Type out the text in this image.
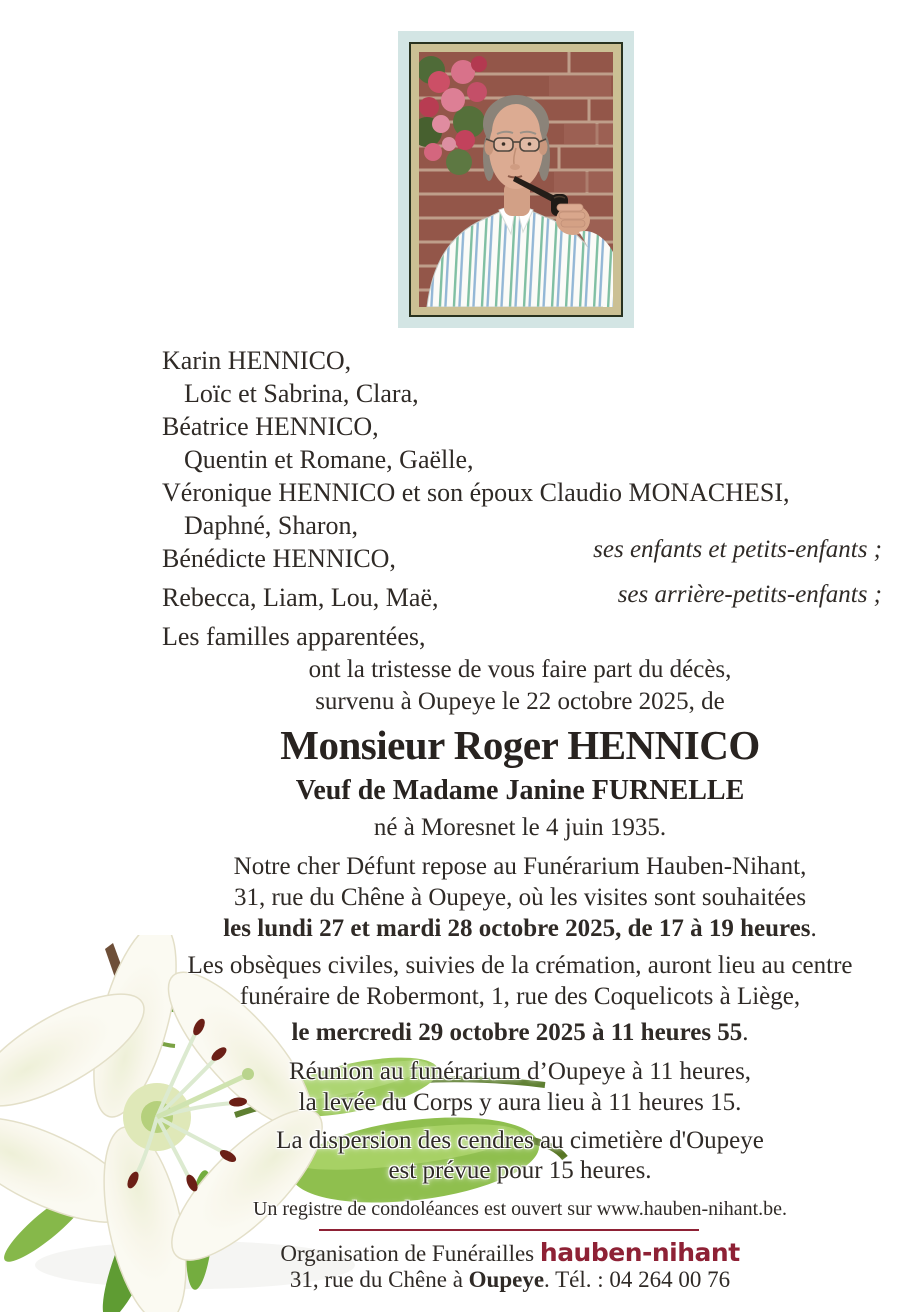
Karin HENNICO,
Loïc et Sabrina, Clara,
Béatrice HENNICO,
Quentin et Romane, Gaëlle,
Véronique HENNICO et son époux Claudio MONACHESI,
Daphné, Sharon,
Bénédicte HENNICO,
Rebecca, Liam, Lou, Maë,
Les familles apparentées,
ses enfants et petits-enfants ;
ses arrière-petits-enfants ;
ont la tristesse de vous faire part du décès,
survenu à Oupeye le 22 octobre 2025, de
Monsieur Roger HENNICO
Veuf de Madame Janine FURNELLE
né à Moresnet le 4 juin 1935.
Notre cher Défunt repose au Funérarium Hauben-Nihant,
31, rue du Chêne à Oupeye, où les visites sont souhaitées
les lundi 27 et mardi 28 octobre 2025, de 17 à 19 heures.
Les obsèques civiles, suivies de la crémation, auront lieu au centre
funéraire de Robermont, 1, rue des Coquelicots à Liège,
le mercredi 29 octobre 2025 à 11 heures 55.
Réunion au funérarium d’Oupeye à 11 heures,
la levée du Corps y aura lieu à 11 heures 15.
La dispersion des cendres au cimetière d'Oupeye
est prévue pour 15 heures.
Un registre de condoléances est ouvert sur www.hauben-nihant.be.
Organisation de Funérailles hauben-nihant
31, rue du Chêne à Oupeye. Tél. : 04 264 00 76
